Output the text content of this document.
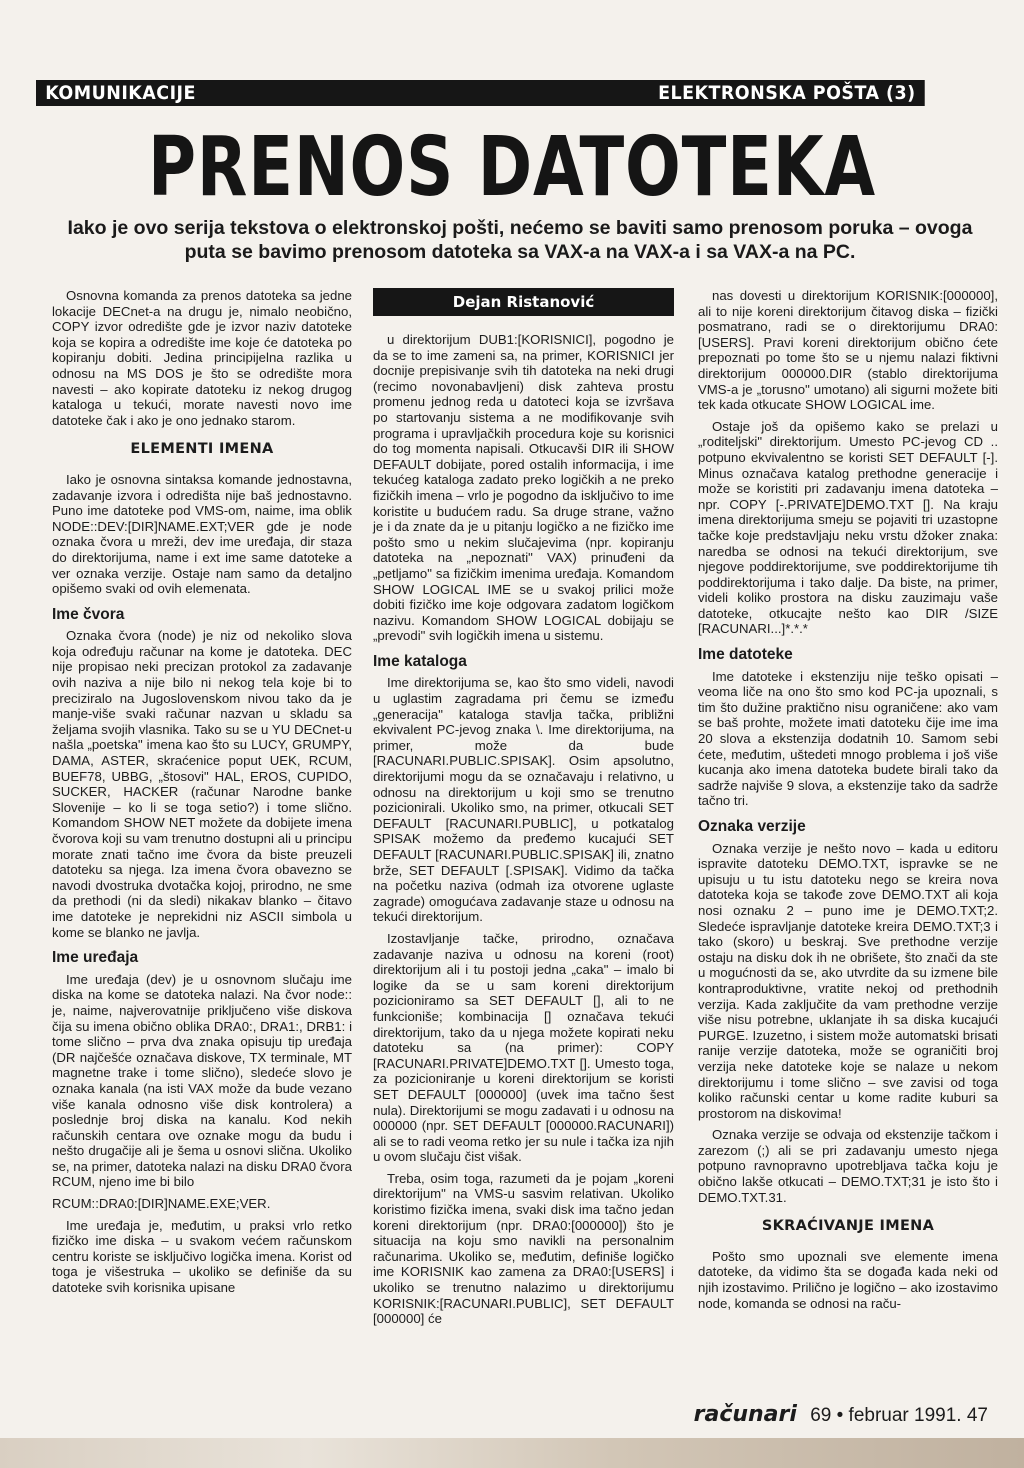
KOMUNIKACIJE	ELEKTRONSKA POŠTA (3)
PRENOS DATOTEKA
Iako je ovo serija tekstova o elektronskoj pošti, nećemo se baviti samo prenosom poruka – ovoga puta se bavimo prenosom datoteka sa VAX-a na VAX-a i sa VAX-a na PC.

Osnovna komanda za prenos datoteka sa jedne lokacije DECnet-a na drugu je, nimalo neobično, COPY izvor odredište gde je izvor naziv datoteke koja se kopira a odredište ime koje će datoteka po kopiranju dobiti. Jedina principijelna razlika u odnosu na MS DOS je što se odredište mora navesti – ako kopirate datoteku iz nekog drugog kataloga u tekući, morate navesti novo ime datoteke čak i ako je ono jednako starom.

ELEMENTI IMENA

Iako je osnovna sintaksa komande jednostavna, zadavanje izvora i odredišta nije baš jednostavno. Puno ime datoteke pod VMS-om, naime, ima oblik NODE::DEV:[DIR]NAME.EXT;VER gde je node oznaka čvora u mreži, dev ime uređaja, dir staza do direktorijuma, name i ext ime same datoteke a ver oznaka verzije. Ostaje nam samo da detaljno opišemo svaki od ovih elemenata.

Ime čvora

Oznaka čvora (node) je niz od nekoliko slova koja određuju računar na kome je datoteka. DEC nije propisao neki precizan protokol za zadavanje ovih naziva a nije bilo ni nekog tela koje bi to preciziralo na Jugoslovenskom nivou tako da je manje-više svaki računar nazvan u skladu sa željama svojih vlasnika. Tako su se u YU DECnet-u našla „poetska" imena kao što su LUCY, GRUMPY, DAMA, ASTER, skraćenice poput UEK, RCUM, BUEF78, UBBG, „štosovi" HAL, EROS, CUPIDO, SUCKER, HACKER (računar Narodne banke Slovenije – ko li se toga setio?) i tome slično. Komandom SHOW NET možete da dobijete imena čvorova koji su vam trenutno dostupni ali u principu morate znati tačno ime čvora da biste preuzeli datoteku sa njega. Iza imena čvora obavezno se navodi dvostruka dvotačka kojoj, prirodno, ne sme da prethodi (ni da sledi) nikakav blanko – čitavo ime datoteke je neprekidni niz ASCII simbola u kome se blanko ne javlja.

Ime uređaja

Ime uređaja (dev) je u osnovnom slučaju ime diska na kome se datoteka nalazi. Na čvor node:: je, naime, najverovatnije priključeno više diskova čija su imena obično oblika DRA0:, DRA1:, DRB1: i tome slično – prva dva znaka opisuju tip uređaja (DR najčešće označava diskove, TX terminale, MT magnetne trake i tome slično), sledeće slovo je oznaka kanala (na isti VAX može da bude vezano više kanala odnosno više disk kontrolera) a poslednje broj diska na kanalu. Kod nekih računskih centara ove oznake mogu da budu i nešto drugačije ali je šema u osnovi slična. Ukoliko se, na primer, datoteka nalazi na disku DRA0 čvora RCUM, njeno ime bi bilo

RCUM::DRA0:[DIR]NAME.EXE;VER.

Ime uređaja je, međutim, u praksi vrlo retko fizičko ime diska – u svakom većem računskom centru koriste se isključivo logička imena. Korist od toga je višestruka – ukoliko se definiše da su datoteke svih korisnika upisane

Dejan Ristanović

u direktorijum DUB1:[KORISNICI], pogodno je da se to ime zameni sa, na primer, KORISNICI jer docnije prepisivanje svih tih datoteka na neki drugi (recimo novonabavljeni) disk zahteva prostu promenu jednog reda u datoteci koja se izvršava po startovanju sistema a ne modifikovanje svih programa i upravljačkih procedura koje su korisnici do tog momenta napisali. Otkucavši DIR ili SHOW DEFAULT dobijate, pored ostalih informacija, i ime tekućeg kataloga zadato preko logičkih a ne preko fizičkih imena – vrlo je pogodno da isključivo to ime koristite u budućem radu. Sa druge strane, važno je i da znate da je u pitanju logičko a ne fizičko ime pošto smo u nekim slučajevima (npr. kopiranju datoteka na „nepoznati" VAX) prinuđeni da „petljamo" sa fizičkim imenima uređaja. Komandom SHOW LOGICAL IME se u svakoj prilici može dobiti fizičko ime koje odgovara zadatom logičkom nazivu. Komandom SHOW LOGICAL dobijaju se „prevodi" svih logičkih imena u sistemu.

Ime kataloga

Ime direktorijuma se, kao što smo videli, navodi u uglastim zagradama pri čemu se između „generacija" kataloga stavlja tačka, približni ekvivalent PC-jevog znaka \. Ime direktorijuma, na primer, može da bude [RACUNARI.PUBLIC.SPISAK]. Osim apsolutno, direktorijumi mogu da se označavaju i relativno, u odnosu na direktorijum u koji smo se trenutno pozicionirali. Ukoliko smo, na primer, otkucali SET DEFAULT [RACUNARI.PUBLIC], u potkatalog SPISAK možemo da pređemo kucajući SET DEFAULT [RACUNARI.PUBLIC.SPISAK] ili, znatno brže, SET DEFAULT [.SPISAK]. Vidimo da tačka na početku naziva (odmah iza otvorene uglaste zagrade) omogućava zadavanje staze u odnosu na tekući direktorijum.

Izostavljanje tačke, prirodno, označava zadavanje naziva u odnosu na koreni (root) direktorijum ali i tu postoji jedna „caka" – imalo bi logike da se u sam koreni direktorijum pozicioniramo sa SET DEFAULT [], ali to ne funkcioniše; kombinacija [] označava tekući direktorijum, tako da u njega možete kopirati neku datoteku sa (na primer): COPY [RACUNARI.PRIVATE]DEMO.TXT []. Umesto toga, za pozicioniranje u koreni direktorijum se koristi SET DEFAULT [000000] (uvek ima tačno šest nula). Direktorijumi se mogu zadavati i u odnosu na 000000 (npr. SET DEFAULT [000000.RACUNARI]) ali se to radi veoma retko jer su nule i tačka iza njih u ovom slučaju čist višak.

Treba, osim toga, razumeti da je pojam „koreni direktorijum" na VMS-u sasvim relativan. Ukoliko koristimo fizička imena, svaki disk ima tačno jedan koreni direktorijum (npr. DRA0:[000000]) što je situacija na koju smo navikli na personalnim računarima. Ukoliko se, međutim, definiše logičko ime KORISNIK kao zamena za DRA0:[USERS] i ukoliko se trenutno nalazimo u direktorijumu KORISNIK:[RACUNARI.PUBLIC], SET DEFAULT [000000] će

nas dovesti u direktorijum KORISNIK:[000000], ali to nije koreni direktorijum čitavog diska – fizički posmatrano, radi se o direktorijumu DRA0:[USERS]. Pravi koreni direktorijum obično ćete prepoznati po tome što se u njemu nalazi fiktivni direktorijum 000000.DIR (stablo direktorijuma VMS-a je „torusno" umotano) ali sigurni možete biti tek kada otkucate SHOW LOGICAL ime.

Ostaje još da opišemo kako se prelazi u „roditeljski" direktorijum. Umesto PC-jevog CD .. potpuno ekvivalentno se koristi SET DEFAULT [-]. Minus označava katalog prethodne generacije i može se koristiti pri zadavanju imena datoteka – npr. COPY [-.PRIVATE]DEMO.TXT []. Na kraju imena direktorijuma smeju se pojaviti tri uzastopne tačke koje predstavljaju neku vrstu džoker znaka: naredba se odnosi na tekući direktorijum, sve njegove poddirektorijume, sve poddirektorijume tih poddirektorijuma i tako dalje. Da biste, na primer, videli koliko prostora na disku zauzimaju vaše datoteke, otkucajte nešto kao DIR /SIZE [RACUNARI...]*.*.*

Ime datoteke

Ime datoteke i ekstenziju nije teško opisati – veoma liče na ono što smo kod PC-ja upoznali, s tim što dužine praktično nisu ograničene: ako vam se baš prohte, možete imati datoteku čije ime ima 20 slova a ekstenzija dodatnih 10. Samom sebi ćete, međutim, uštedeti mnogo problema i još više kucanja ako imena datoteka budete birali tako da sadrže najviše 9 slova, a ekstenzije tako da sadrže tačno tri.

Oznaka verzije

Oznaka verzije je nešto novo – kada u editoru ispravite datoteku DEMO.TXT, ispravke se ne upisuju u tu istu datoteku nego se kreira nova datoteka koja se takođe zove DEMO.TXT ali koja nosi oznaku 2 – puno ime je DEMO.TXT;2. Sledeće ispravljanje datoteke kreira DEMO.TXT;3 i tako (skoro) u beskraj. Sve prethodne verzije ostaju na disku dok ih ne obrišete, što znači da ste u mogućnosti da se, ako utvrdite da su izmene bile kontraproduktivne, vratite nekoj od prethodnih verzija. Kada zaključite da vam prethodne verzije više nisu potrebne, uklanjate ih sa diska kucajući PURGE. Izuzetno, i sistem može automatski brisati ranije verzije datoteka, može se ograničiti broj verzija neke datoteke koje se nalaze u nekom direktorijumu i tome slično – sve zavisi od toga koliko računski centar u kome radite kuburi sa prostorom na diskovima!

Oznaka verzije se odvaja od ekstenzije tačkom i zarezom (;) ali se pri zadavanju umesto njega potpuno ravnopravno upotrebljava tačka koju je obično lakše otkucati – DEMO.TXT;31 je isto što i DEMO.TXT.31.

SKRAĆIVANJE IMENA

Pošto smo upoznali sve elemente imena datoteke, da vidimo šta se događa kada neki od njih izostavimo. Prilično je logično – ako izostavimo node, komanda se odnosi na raču-

računari 69 • februar 1991. 47
